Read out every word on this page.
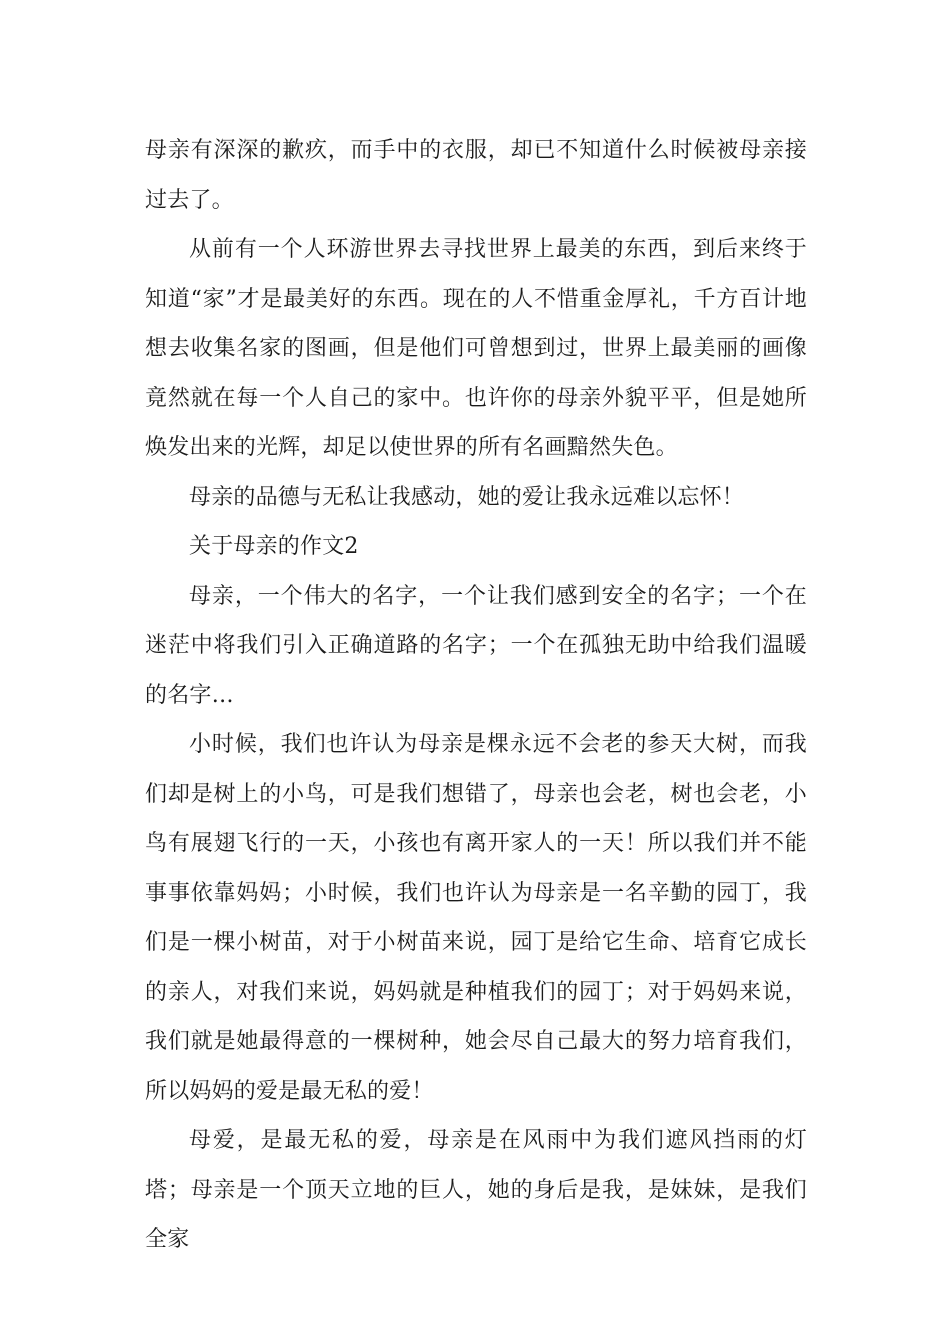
母亲有深深的歉疚，而手中的衣服，却已不知道什么时候被母亲接过去了。

从前有一个人环游世界去寻找世界上最美的东西，到后来终于知道“家”才是最美好的东西。现在的人不惜重金厚礼，千方百计地想去收集名家的图画，但是他们可曾想到过，世界上最美丽的画像竟然就在每一个人自己的家中。也许你的母亲外貌平平，但是她所焕发出来的光辉，却足以使世界的所有名画黯然失色。

母亲的品德与无私让我感动，她的爱让我永远难以忘怀！

关于母亲的作文2

母亲，一个伟大的名字，一个让我们感到安全的名字；一个在迷茫中将我们引入正确道路的名字；一个在孤独无助中给我们温暖的名字…

小时候，我们也许认为母亲是棵永远不会老的参天大树，而我们却是树上的小鸟，可是我们想错了，母亲也会老，树也会老，小鸟有展翅飞行的一天，小孩也有离开家人的一天！所以我们并不能事事依靠妈妈；小时候，我们也许认为母亲是一名辛勤的园丁，我们是一棵小树苗，对于小树苗来说，园丁是给它生命、培育它成长的亲人，对我们来说，妈妈就是种植我们的园丁；对于妈妈来说，我们就是她最得意的一棵树种，她会尽自己最大的努力培育我们，所以妈妈的爱是最无私的爱！

母爱，是最无私的爱，母亲是在风雨中为我们遮风挡雨的灯塔；母亲是一个顶天立地的巨人，她的身后是我，是妹妹，是我们全家
